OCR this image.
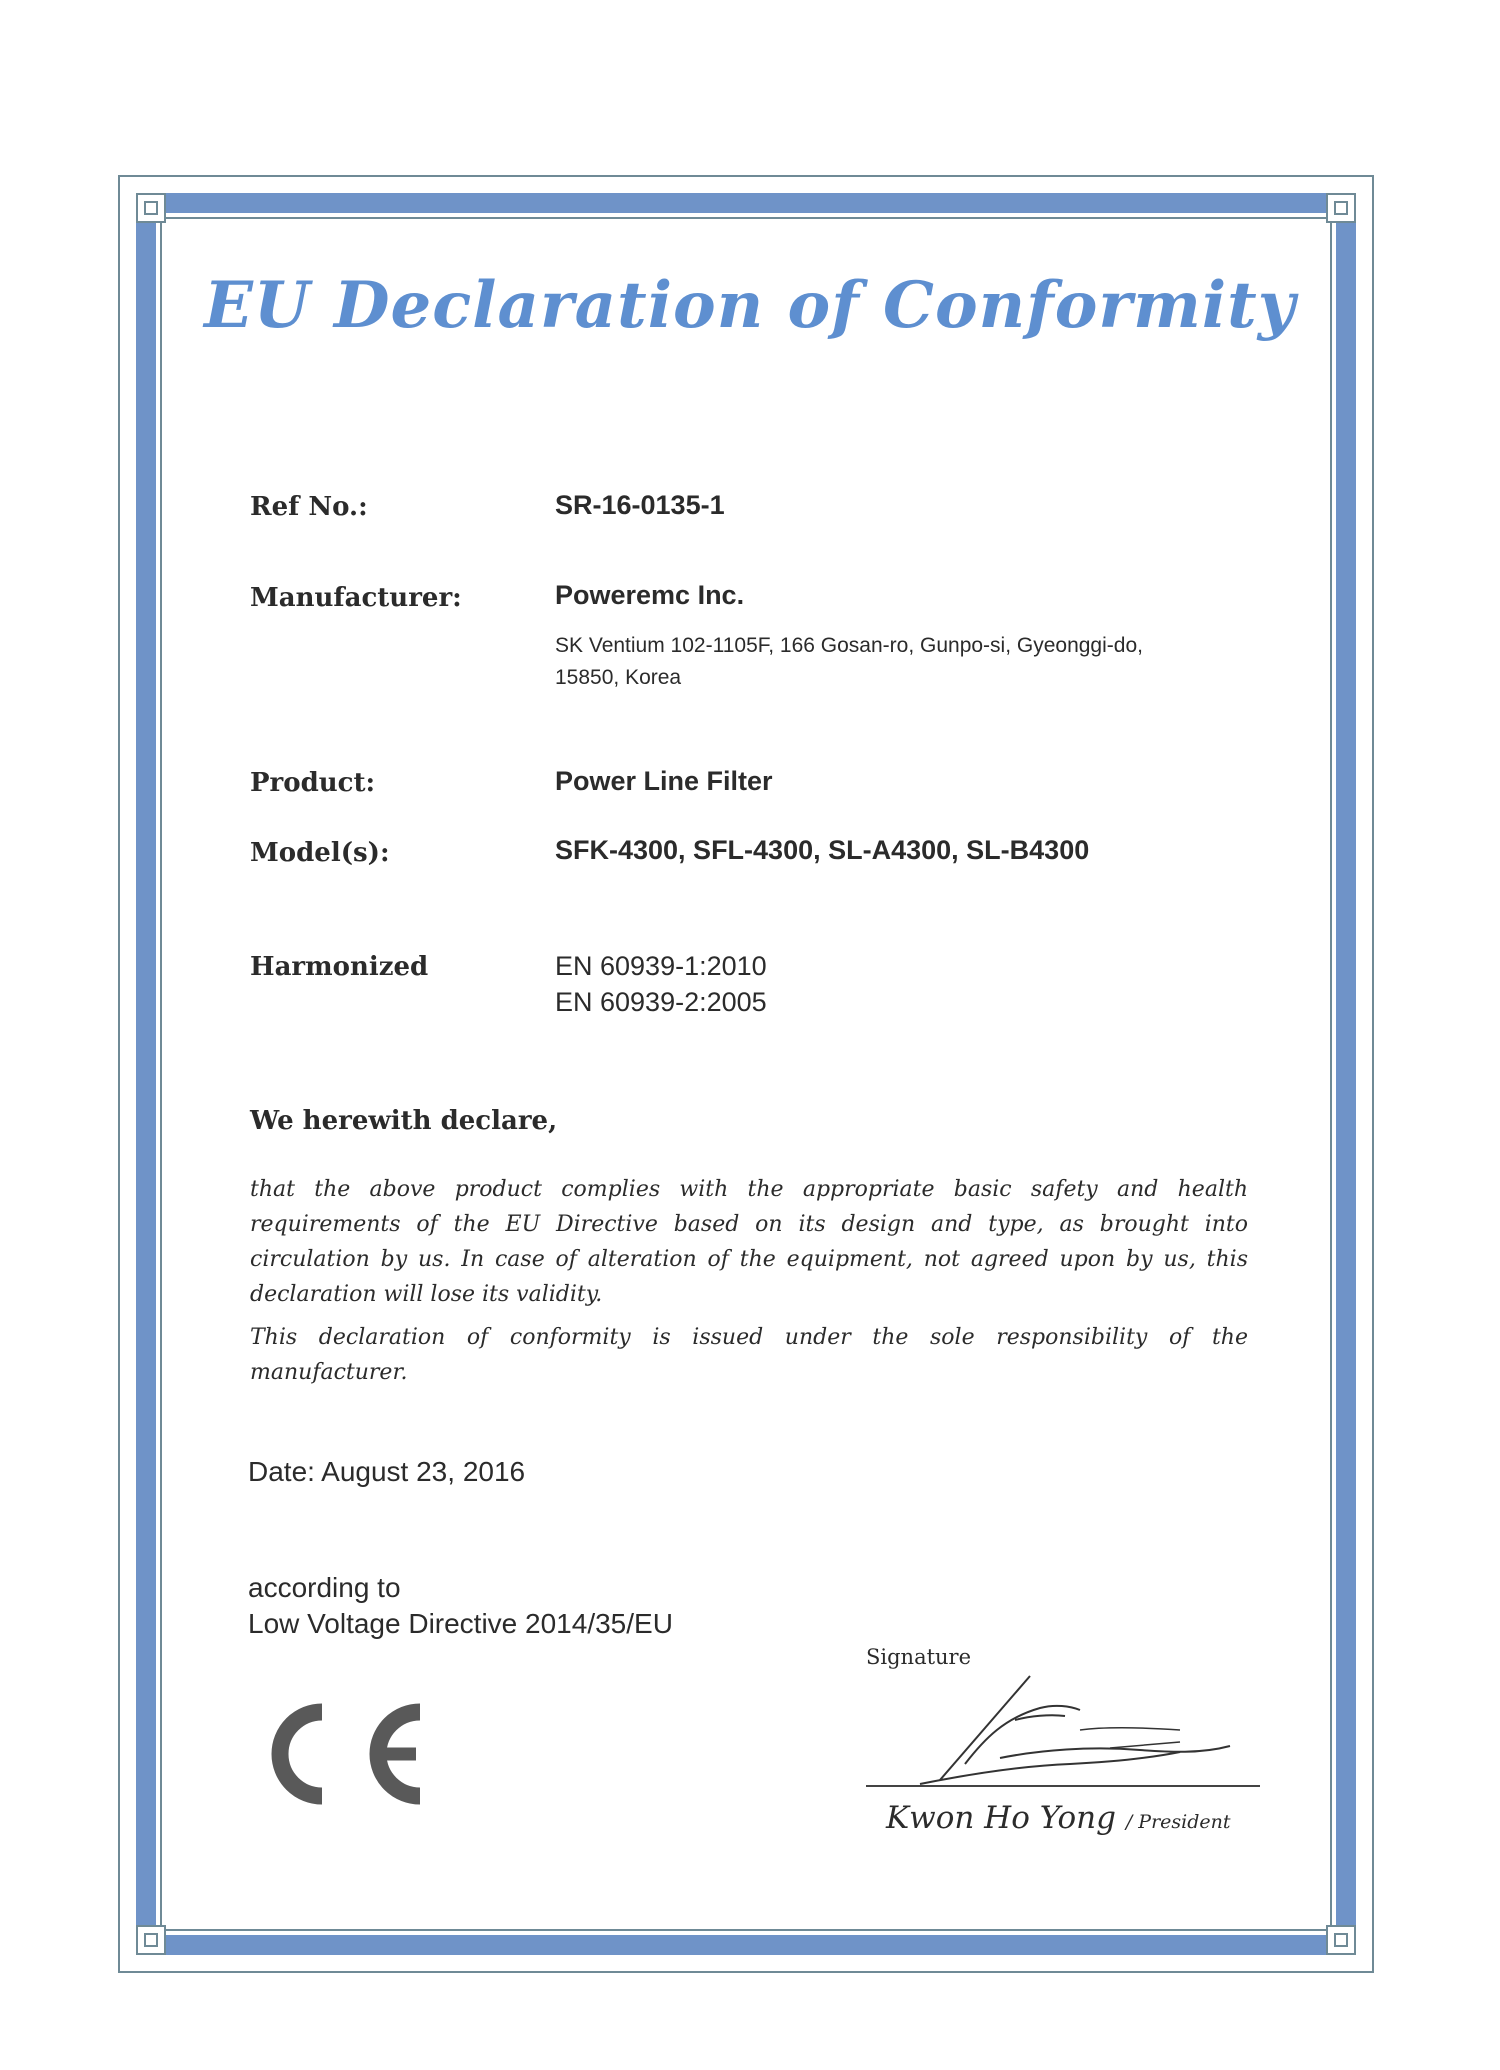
EU Declaration of Conformity
Ref No.:	SR-16-0135-1
Manufacturer:	Poweremc Inc.
SK Ventium 102-1105F, 166 Gosan-ro, Gunpo-si, Gyeonggi-do,
15850, Korea
Product:	Power Line Filter
Model(s):	SFK-4300, SFL-4300, SL-A4300, SL-B4300
Harmonized	EN 60939-1:2010
EN 60939-2:2005
We herewith declare,
that the above product complies with the appropriate basic safety and health requirements of the EU Directive based on its design and type, as brought into circulation by us. In case of alteration of the equipment, not agreed upon by us, this declaration will lose its validity.
This declaration of conformity is issued under the sole responsibility of the manufacturer.
Date: August 23, 2016
according to
Low Voltage Directive 2014/35/EU
Signature
Kwon Ho Yong / President
